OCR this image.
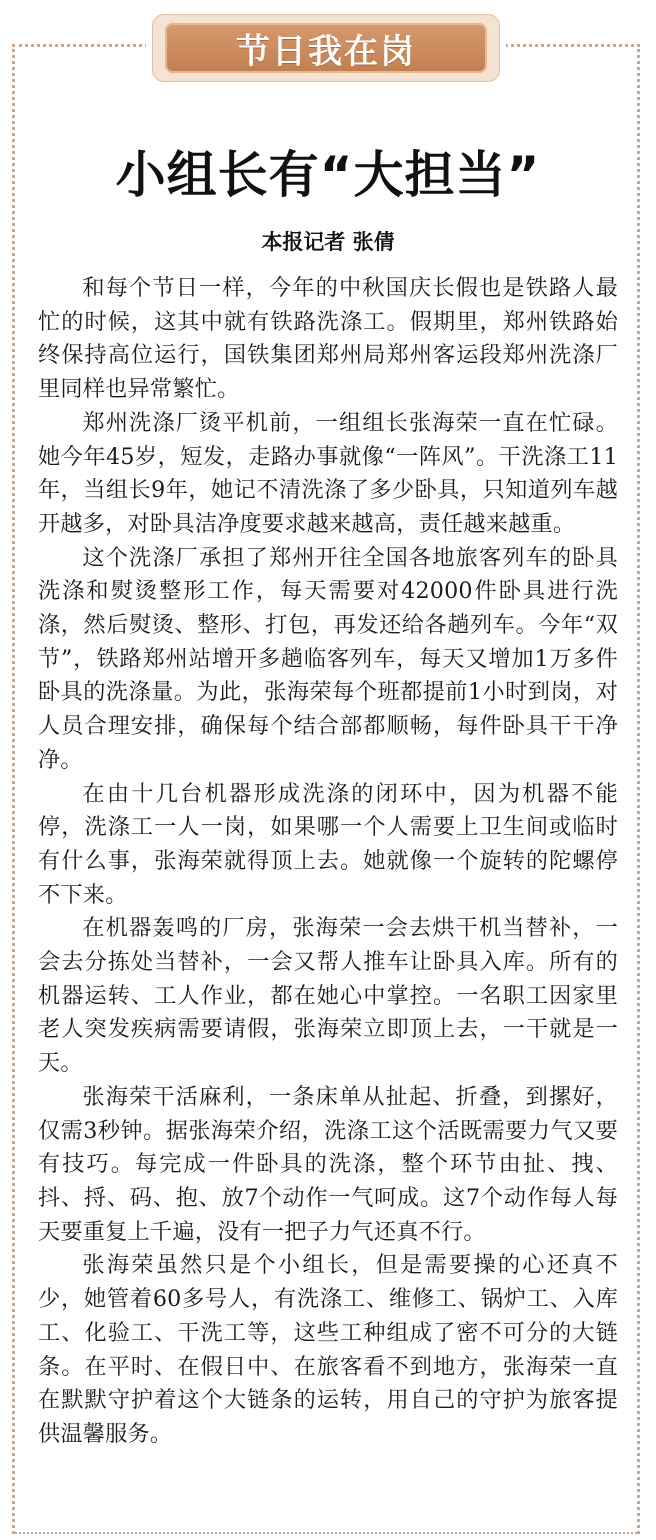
节日我在岗
小组长有“大担当”
本报记者 张倩

和每个节日一样，今年的中秋国庆长假也是铁路人最忙的时候，这其中就有铁路洗涤工。假期里，郑州铁路始终保持高位运行，国铁集团郑州局郑州客运段郑州洗涤厂里同样也异常繁忙。

郑州洗涤厂烫平机前，一组组长张海荣一直在忙碌。她今年45岁，短发，走路办事就像“一阵风”。干洗涤工11年，当组长9年，她记不清洗涤了多少卧具，只知道列车越开越多，对卧具洁净度要求越来越高，责任越来越重。

这个洗涤厂承担了郑州开往全国各地旅客列车的卧具洗涤和熨烫整形工作，每天需要对42000件卧具进行洗涤，然后熨烫、整形、打包，再发还给各趟列车。今年“双节”，铁路郑州站增开多趟临客列车，每天又增加1万多件卧具的洗涤量。为此，张海荣每个班都提前1小时到岗，对人员合理安排，确保每个结合部都顺畅，每件卧具干干净净。

在由十几台机器形成洗涤的闭环中，因为机器不能停，洗涤工一人一岗，如果哪一个人需要上卫生间或临时有什么事，张海荣就得顶上去。她就像一个旋转的陀螺停不下来。

在机器轰鸣的厂房，张海荣一会去烘干机当替补，一会去分拣处当替补，一会又帮人推车让卧具入库。所有的机器运转、工人作业，都在她心中掌控。一名职工因家里老人突发疾病需要请假，张海荣立即顶上去，一干就是一天。

张海荣干活麻利，一条床单从扯起、折叠，到摞好，仅需3秒钟。据张海荣介绍，洗涤工这个活既需要力气又要有技巧。每完成一件卧具的洗涤，整个环节由扯、拽、抖、捋、码、抱、放7个动作一气呵成。这7个动作每人每天要重复上千遍，没有一把子力气还真不行。

张海荣虽然只是个小组长，但是需要操的心还真不少，她管着60多号人，有洗涤工、维修工、锅炉工、入库工、化验工、干洗工等，这些工种组成了密不可分的大链条。在平时、在假日中、在旅客看不到地方，张海荣一直在默默守护着这个大链条的运转，用自己的守护为旅客提供温馨服务。
